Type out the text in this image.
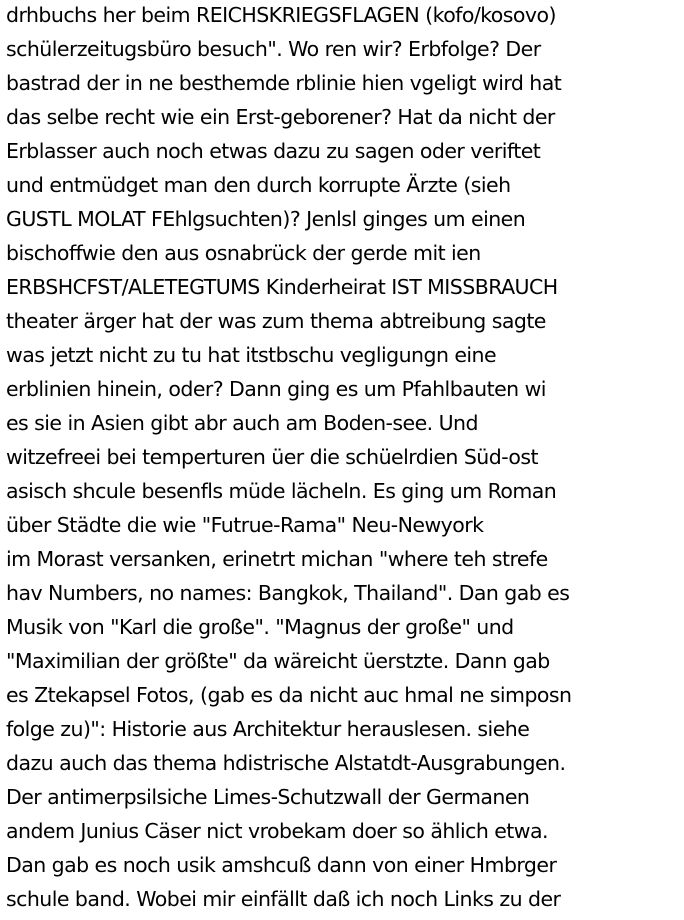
drhbuchs her beim REICHSKRIEGSFLAGEN (kofo/kosovo)
schülerzeitugsbüro besuch". Wo ren wir? Erbfolge? Der
bastrad der in ne besthemde rblinie hien vgeligt wird hat
das selbe recht wie ein Erst-geborener? Hat da nicht der
Erblasser auch noch etwas dazu zu sagen oder veriftet
und entmüdget man den durch korrupte Ärzte (sieh
GUSTL MOLAT FEhlgsuchten)? Jenlsl ginges um einen
bischoffwie den aus osnabrück der gerde mit ien
ERBSHCFST/ALETEGTUMS Kinderheirat IST MISSBRAUCH
theater ärger hat der was zum thema abtreibung sagte
was jetzt nicht zu tu hat itstbschu vegligungn eine
erblinien hinein, oder? Dann ging es um Pfahlbauten wi
es sie in Asien gibt abr auch am Boden-see. Und
witzefreei bei temperturen üer die schüelrdien Süd-ost
asisch shcule besenfls müde lächeln. Es ging um Roman
über Städte die wie "Futrue-Rama" Neu-Newyork
im Morast versanken, erinetrt michan "where teh strefe
hav Numbers, no names: Bangkok, Thailand". Dan gab es
Musik von "Karl die große". "Magnus der große" und
"Maximilian der größte" da wäreicht üerstzte. Dann gab
es Ztekapsel Fotos, (gab es da nicht auc hmal ne simposn
folge zu)": Historie aus Architektur herauslesen. siehe
dazu auch das thema hdistrische Alstatdt-Ausgrabungen.
Der antimerpsilsiche Limes-Schutzwall der Germanen
andem Junius Cäser nict vrobekam doer so ählich etwa.
Dan gab es noch usik amshcuß dann von einer Hmbrger
schule band. Wobei mir einfällt daß ich noch Links zu der
